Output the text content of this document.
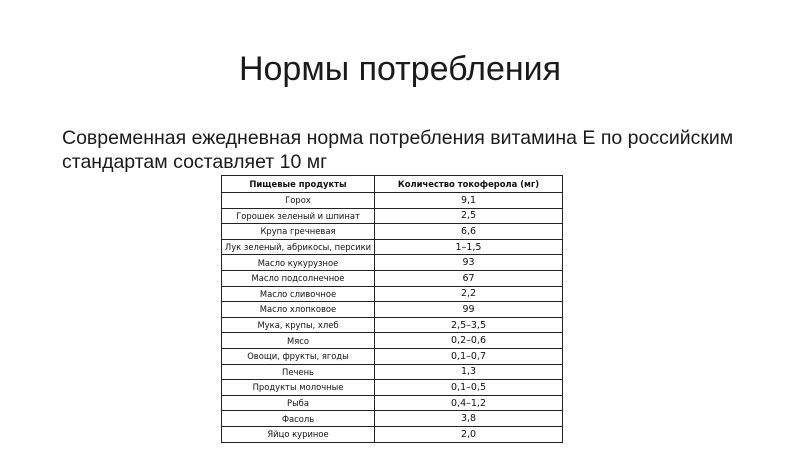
Нормы потребления

Современная ежедневная норма потребления витамина Е по российским стандартам составляет 10 мг

Пищевые продукты	Количество токоферола (мг)
Горох	9,1
Горошек зеленый и шпинат	2,5
Крупа гречневая	6,6
Лук зеленый, абрикосы, персики	1–1,5
Масло кукурузное	93
Масло подсолнечное	67
Масло сливочное	2,2
Масло хлопковое	99
Мука, крупы, хлеб	2,5–3,5
Мясо	0,2–0,6
Овощи, фрукты, ягоды	0,1–0,7
Печень	1,3
Продукты молочные	0,1–0,5
Рыба	0,4–1,2
Фасоль	3,8
Яйцо куриное	2,0
